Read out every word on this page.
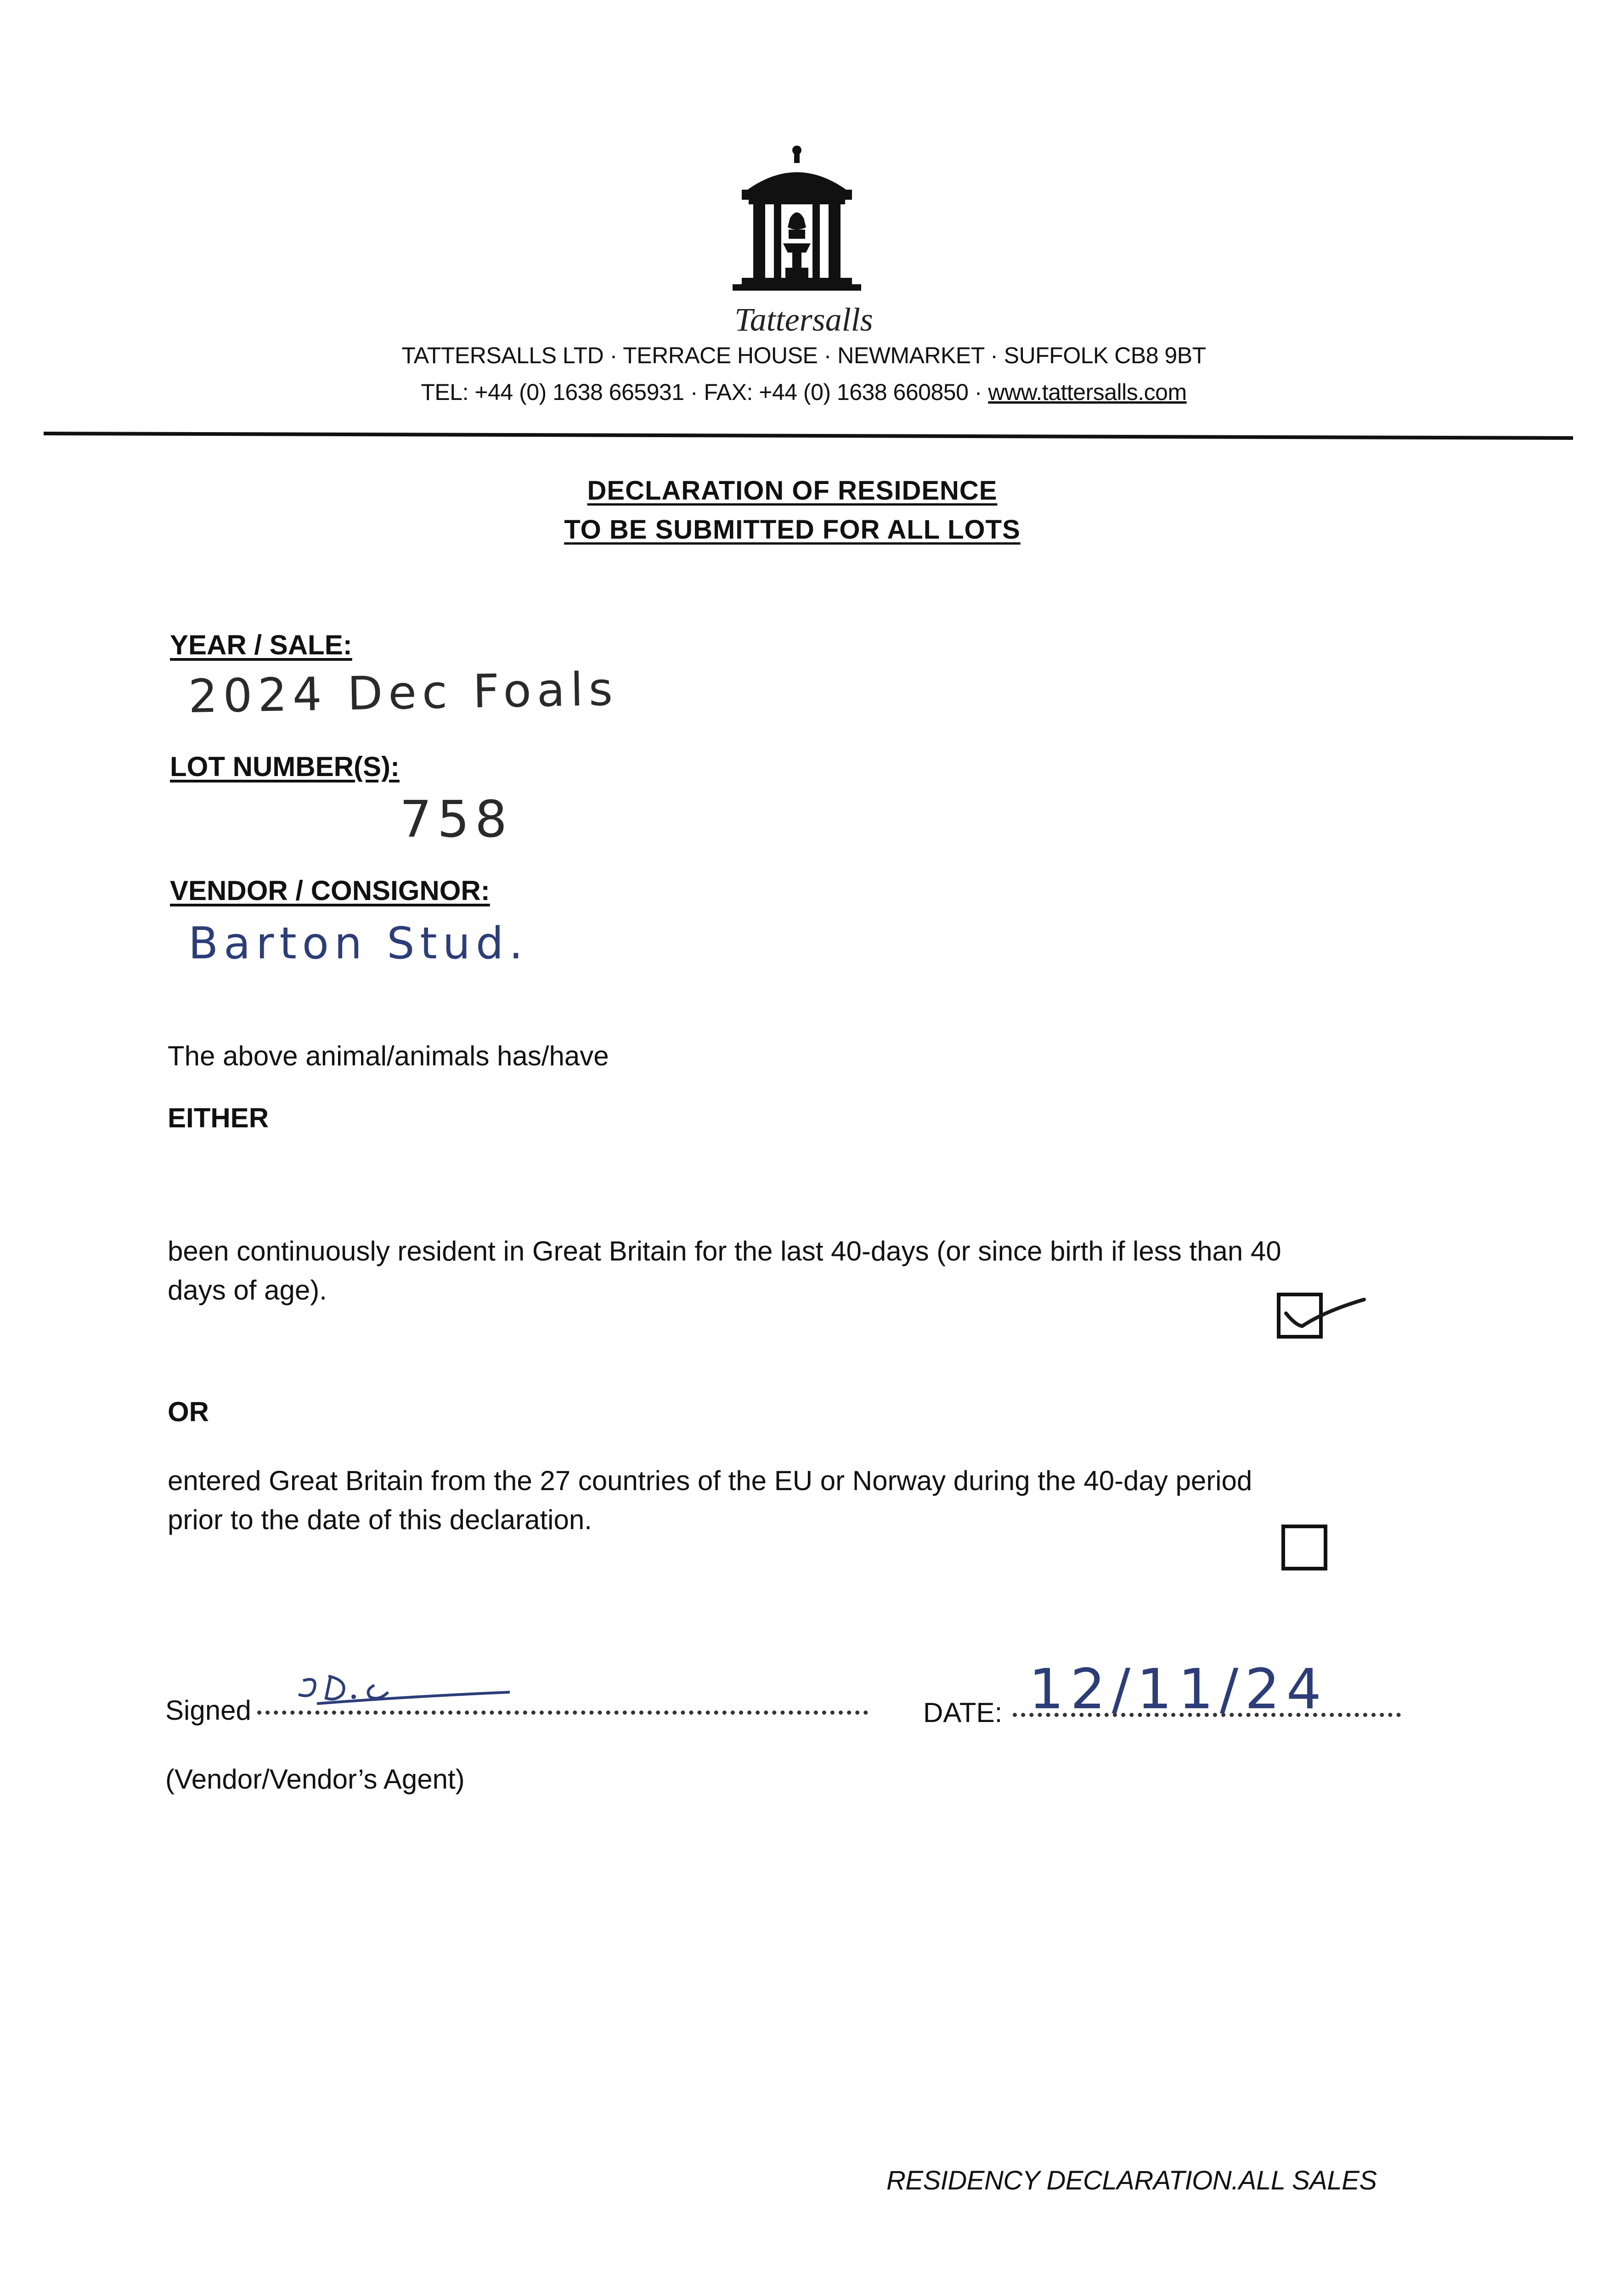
Tattersalls
TATTERSALLS LTD · TERRACE HOUSE · NEWMARKET · SUFFOLK CB8 9BT
TEL: +44 (0) 1638 665931 · FAX: +44 (0) 1638 660850 · www.tattersalls.com
DECLARATION OF RESIDENCE
TO BE SUBMITTED FOR ALL LOTS
YEAR / SALE:
2024 Dec Foals
LOT NUMBER(S):
758
VENDOR / CONSIGNOR:
Barton Stud.
The above animal/animals has/have
EITHER
been continuously resident in Great Britain for the last 40-days (or since birth if less than 40
days of age).
OR
entered Great Britain from the 27 countries of the EU or Norway during the 40-day period
prior to the date of this declaration.
Signed	DATE: 12/11/24
(Vendor/Vendor’s Agent)
RESIDENCY DECLARATION.ALL SALES
